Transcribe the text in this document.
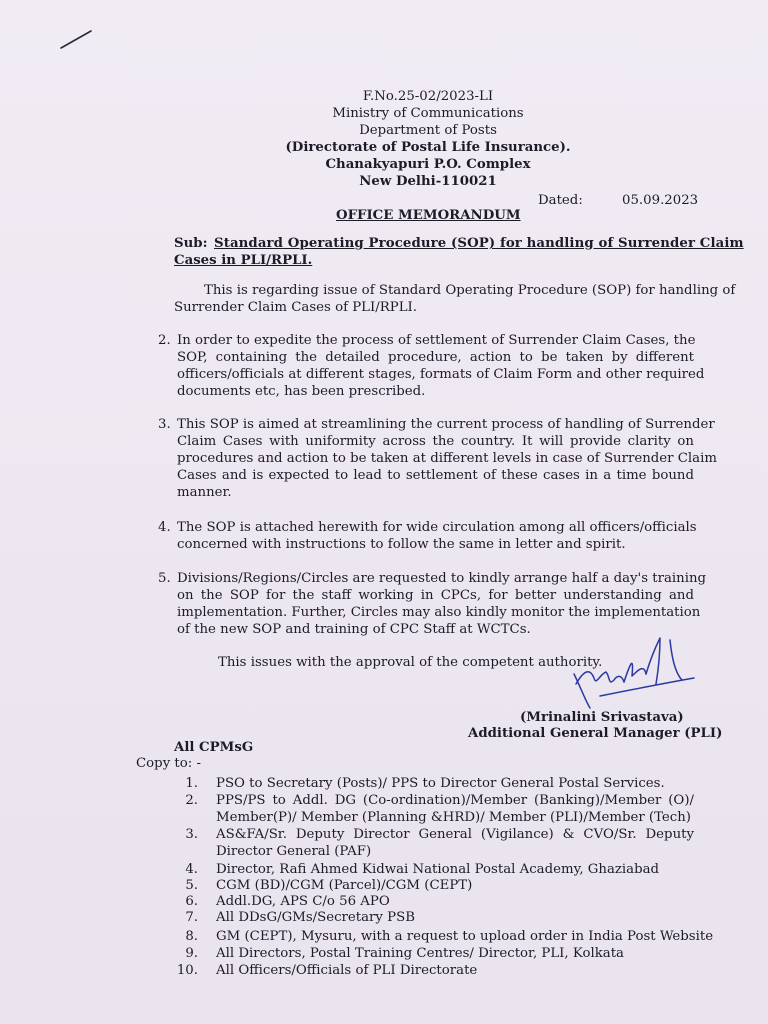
F.No.25-02/2023-LI
Ministry of Communications
Department of Posts
(Directorate of Postal Life Insurance).
Chanakyapuri P.O. Complex
New Delhi-110021
Dated:	05.09.2023
OFFICE MEMORANDUM
Sub: Standard Operating Procedure (SOP) for handling of Surrender Claim
Cases in PLI/RPLI.
This is regarding issue of Standard Operating Procedure (SOP) for handling of
Surrender Claim Cases of PLI/RPLI.
2. In order to expedite the process of settlement of Surrender Claim Cases, the
SOP, containing the detailed procedure, action to be taken by different
officers/officials at different stages, formats of Claim Form and other required
documents etc, has been prescribed.
3. This SOP is aimed at streamlining the current process of handling of Surrender
Claim Cases with uniformity across the country. It will provide clarity on
procedures and action to be taken at different levels in case of Surrender Claim
Cases and is expected to lead to settlement of these cases in a time bound
manner.
4. The SOP is attached herewith for wide circulation among all officers/officials
concerned with instructions to follow the same in letter and spirit.
5. Divisions/Regions/Circles are requested to kindly arrange half a day's training
on the SOP for the staff working in CPCs, for better understanding and
implementation. Further, Circles may also kindly monitor the implementation
of the new SOP and training of CPC Staff at WCTCs.
This issues with the approval of the competent authority.
(Mrinalini Srivastava)
Additional General Manager (PLI)
All CPMsG
Copy to: -
1. PSO to Secretary (Posts)/ PPS to Director General Postal Services.
2. PPS/PS to Addl. DG (Co-ordination)/Member (Banking)/Member (O)/
Member(P)/ Member (Planning &HRD)/ Member (PLI)/Member (Tech)
3. AS&FA/Sr. Deputy Director General (Vigilance) & CVO/Sr. Deputy
Director General (PAF)
4. Director, Rafi Ahmed Kidwai National Postal Academy, Ghaziabad
5. CGM (BD)/CGM (Parcel)/CGM (CEPT)
6. Addl.DG, APS C/o 56 APO
7. All DDsG/GMs/Secretary PSB
8. GM (CEPT), Mysuru, with a request to upload order in India Post Website
9. All Directors, Postal Training Centres/ Director, PLI, Kolkata
10. All Officers/Officials of PLI Directorate
